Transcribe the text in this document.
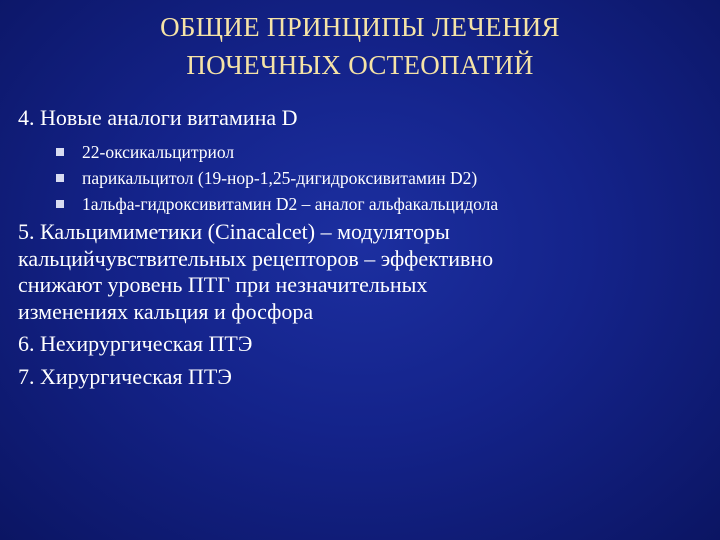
ОБЩИЕ ПРИНЦИПЫ ЛЕЧЕНИЯ
ПОЧЕЧНЫХ ОСТЕОПАТИЙ
4. Новые аналоги витамина D
22-оксикальцитриол
парикальцитол (19-нор-1,25-дигидроксивитамин D2)
1альфа-гидроксивитамин D2 – аналог альфакальцидола
5. Кальцимиметики (Cinacalcet) – модуляторы
кальцийчувствительных рецепторов – эффективно
снижают уровень ПТГ при незначительных
изменениях кальция и фосфора
6. Нехирургическая ПТЭ
7. Хирургическая ПТЭ
